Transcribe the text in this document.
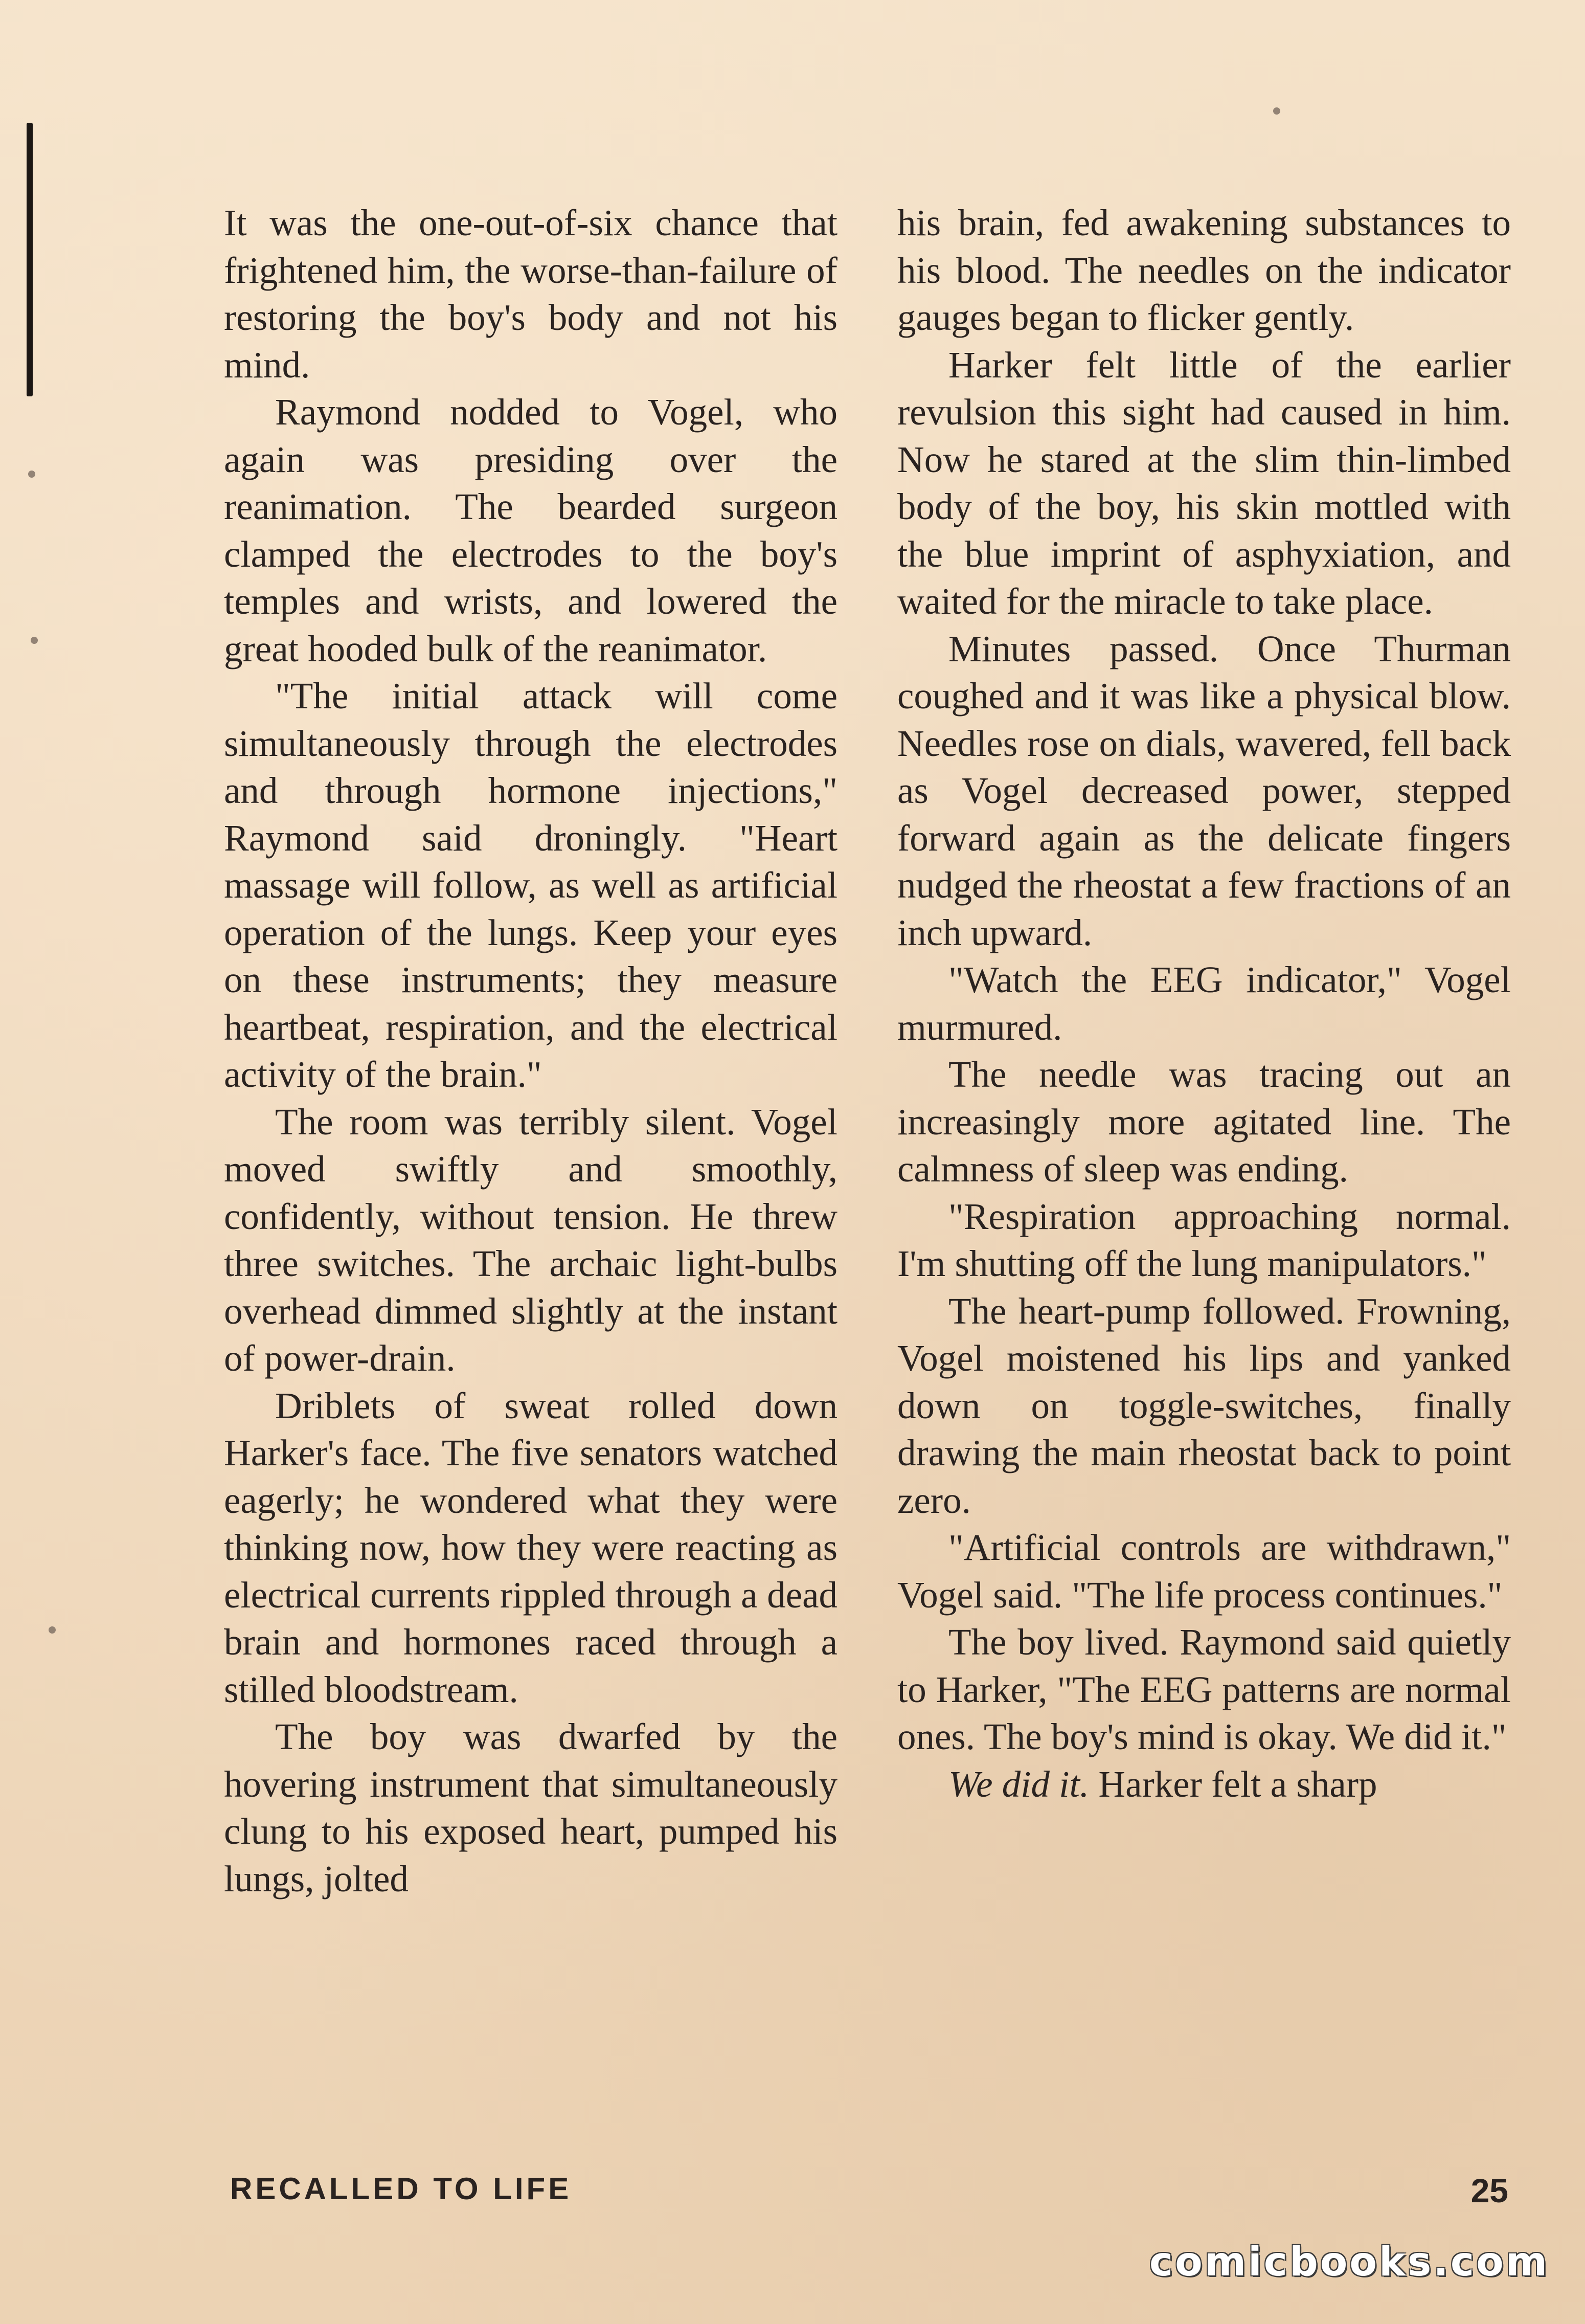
It was the one-out-of-six chance that frightened him, the worse-than-failure of restoring the boy's body and not his mind.

Raymond nodded to Vogel, who again was presiding over the reanimation. The bearded surgeon clamped the electrodes to the boy's temples and wrists, and lowered the great hooded bulk of the reanimator.

"The initial attack will come simultaneously through the electrodes and through hormone injections," Raymond said droningly. "Heart massage will follow, as well as artificial operation of the lungs. Keep your eyes on these instruments; they measure heartbeat, respiration, and the electrical activity of the brain."

The room was terribly silent. Vogel moved swiftly and smoothly, confidently, without tension. He threw three switches. The archaic light-bulbs overhead dimmed slightly at the instant of power-drain.

Driblets of sweat rolled down Harker's face. The five senators watched eagerly; he wondered what they were thinking now, how they were reacting as electrical currents rippled through a dead brain and hormones raced through a stilled bloodstream.

The boy was dwarfed by the hovering instrument that simultaneously clung to his exposed heart, pumped his lungs, jolted

his brain, fed awakening substances to his blood. The needles on the indicator gauges began to flicker gently.

Harker felt little of the earlier revulsion this sight had caused in him. Now he stared at the slim thin-limbed body of the boy, his skin mottled with the blue imprint of asphyxiation, and waited for the miracle to take place.

Minutes passed. Once Thurman coughed and it was like a physical blow. Needles rose on dials, wavered, fell back as Vogel decreased power, stepped forward again as the delicate fingers nudged the rheostat a few fractions of an inch upward.

"Watch the EEG indicator," Vogel murmured.

The needle was tracing out an increasingly more agitated line. The calmness of sleep was ending.

"Respiration approaching normal. I'm shutting off the lung manipulators."

The heart-pump followed. Frowning, Vogel moistened his lips and yanked down on toggle-switches, finally drawing the main rheostat back to point zero.

"Artificial controls are withdrawn," Vogel said. "The life process continues."

The boy lived. Raymond said quietly to Harker, "The EEG patterns are normal ones. The boy's mind is okay. We did it."

We did it. Harker felt a sharp

RECALLED TO LIFE	25
comicbooks.com
